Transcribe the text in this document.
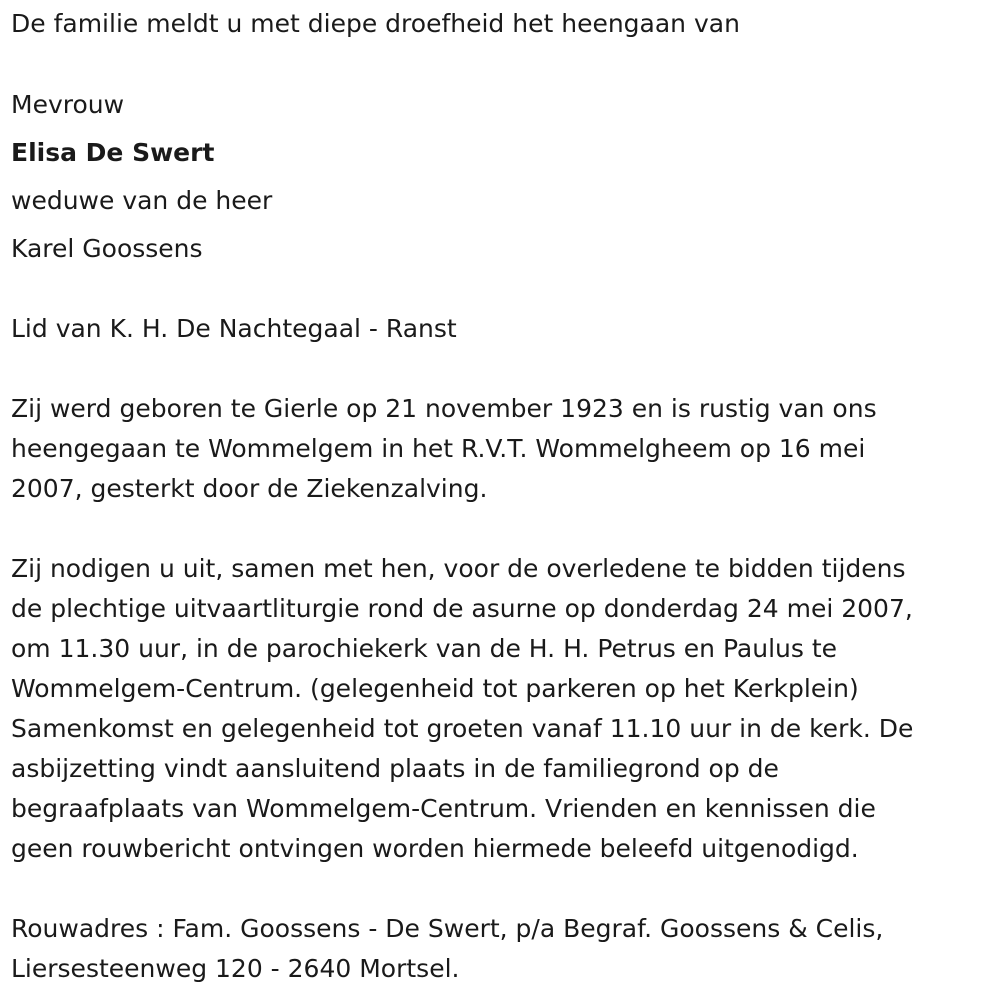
De familie meldt u met diepe droefheid het heengaan van
Mevrouw
Elisa De Swert
weduwe van de heer
Karel Goossens
Lid van K. H. De Nachtegaal - Ranst
Zij werd geboren te Gierle op 21 november 1923 en is rustig van ons
heengegaan te Wommelgem in het R.V.T. Wommelgheem op 16 mei
2007, gesterkt door de Ziekenzalving.
Zij nodigen u uit, samen met hen, voor de overledene te bidden tijdens
de plechtige uitvaartliturgie rond de asurne op donderdag 24 mei 2007,
om 11.30 uur, in de parochiekerk van de H. H. Petrus en Paulus te
Wommelgem-Centrum. (gelegenheid tot parkeren op het Kerkplein)
Samenkomst en gelegenheid tot groeten vanaf 11.10 uur in de kerk. De
asbijzetting vindt aansluitend plaats in de familiegrond op de
begraafplaats van Wommelgem-Centrum. Vrienden en kennissen die
geen rouwbericht ontvingen worden hiermede beleefd uitgenodigd.
Rouwadres : Fam. Goossens - De Swert, p/a Begraf. Goossens & Celis,
Liersesteenweg 120 - 2640 Mortsel.
